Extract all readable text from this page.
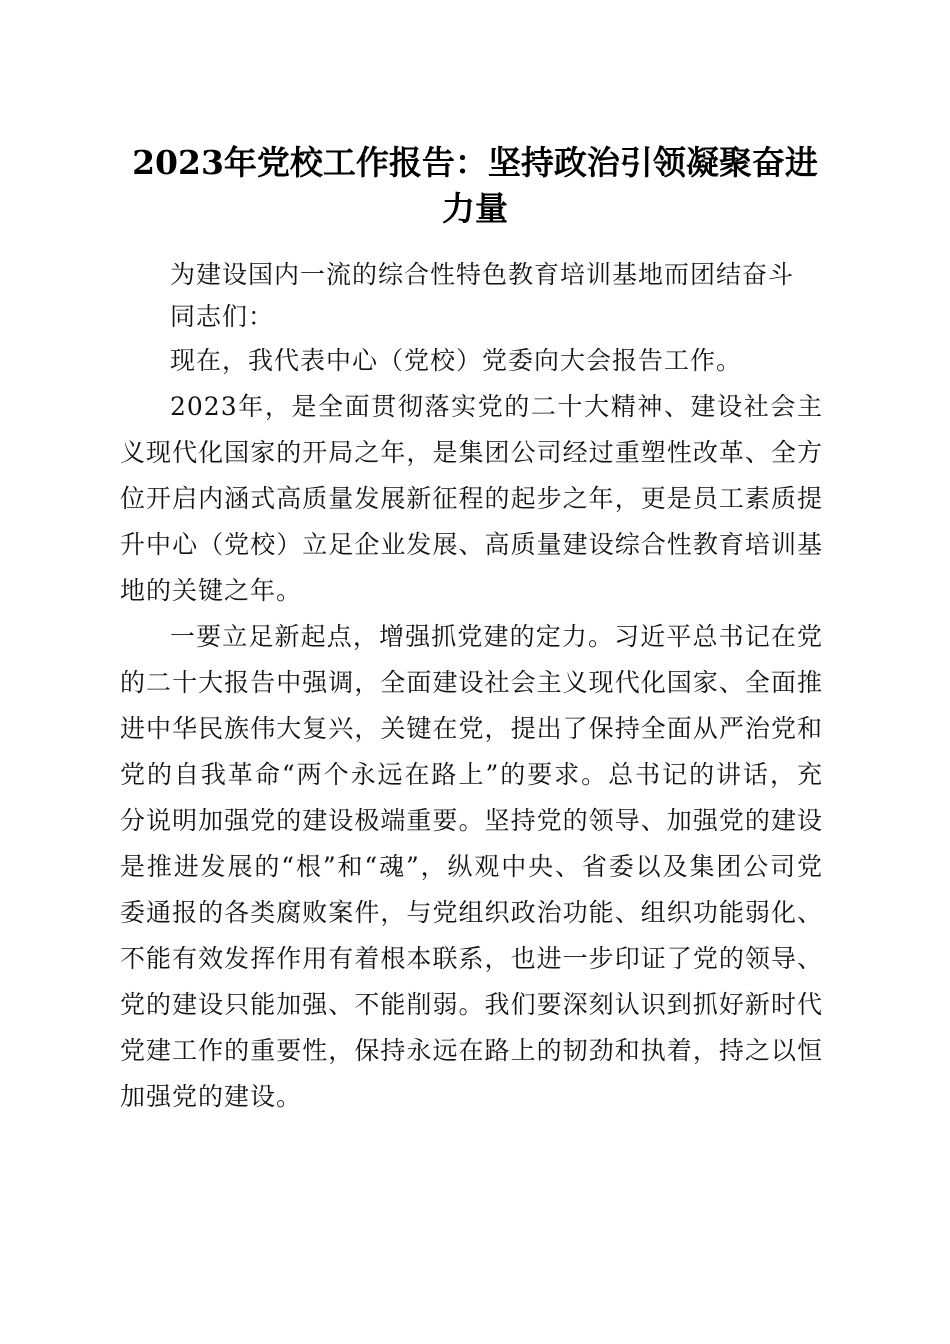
2023年党校工作报告：坚持政治引领凝聚奋进力量

为建设国内一流的综合性特色教育培训基地而团结奋斗

同志们：

现在，我代表中心（党校）党委向大会报告工作。

2023年，是全面贯彻落实党的二十大精神、建设社会主义现代化国家的开局之年，是集团公司经过重塑性改革、全方位开启内涵式高质量发展新征程的起步之年，更是员工素质提升中心（党校）立足企业发展、高质量建设综合性教育培训基地的关键之年。

一要立足新起点，增强抓党建的定力。习近平总书记在党的二十大报告中强调，全面建设社会主义现代化国家、全面推进中华民族伟大复兴，关键在党，提出了保持全面从严治党和党的自我革命“两个永远在路上”的要求。总书记的讲话，充分说明加强党的建设极端重要。坚持党的领导、加强党的建设是推进发展的“根”和“魂”，纵观中央、省委以及集团公司党委通报的各类腐败案件，与党组织政治功能、组织功能弱化、不能有效发挥作用有着根本联系，也进一步印证了党的领导、党的建设只能加强、不能削弱。我们要深刻认识到抓好新时代党建工作的重要性，保持永远在路上的韧劲和执着，持之以恒加强党的建设。
